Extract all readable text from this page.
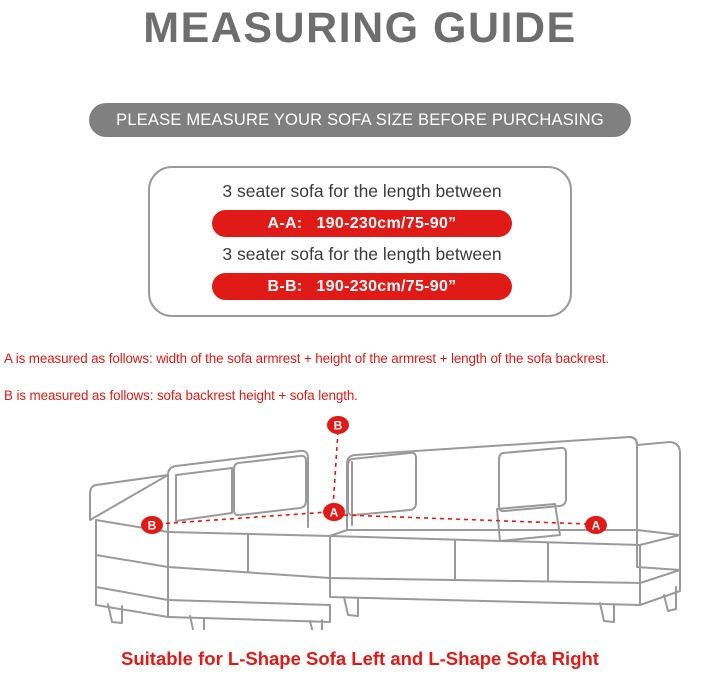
MEASURING GUIDE
PLEASE MEASURE YOUR SOFA SIZE BEFORE PURCHASING
3 seater sofa for the length between
A-A: 190-230cm/75-90”
3 seater sofa for the length between
B-B: 190-230cm/75-90”
A is measured as follows: width of the sofa armrest + height of the armrest + length of the sofa backrest.
B is measured as follows: sofa backrest height + sofa length.
B
B
A
A
Suitable for L-Shape Sofa Left and L-Shape Sofa Right
